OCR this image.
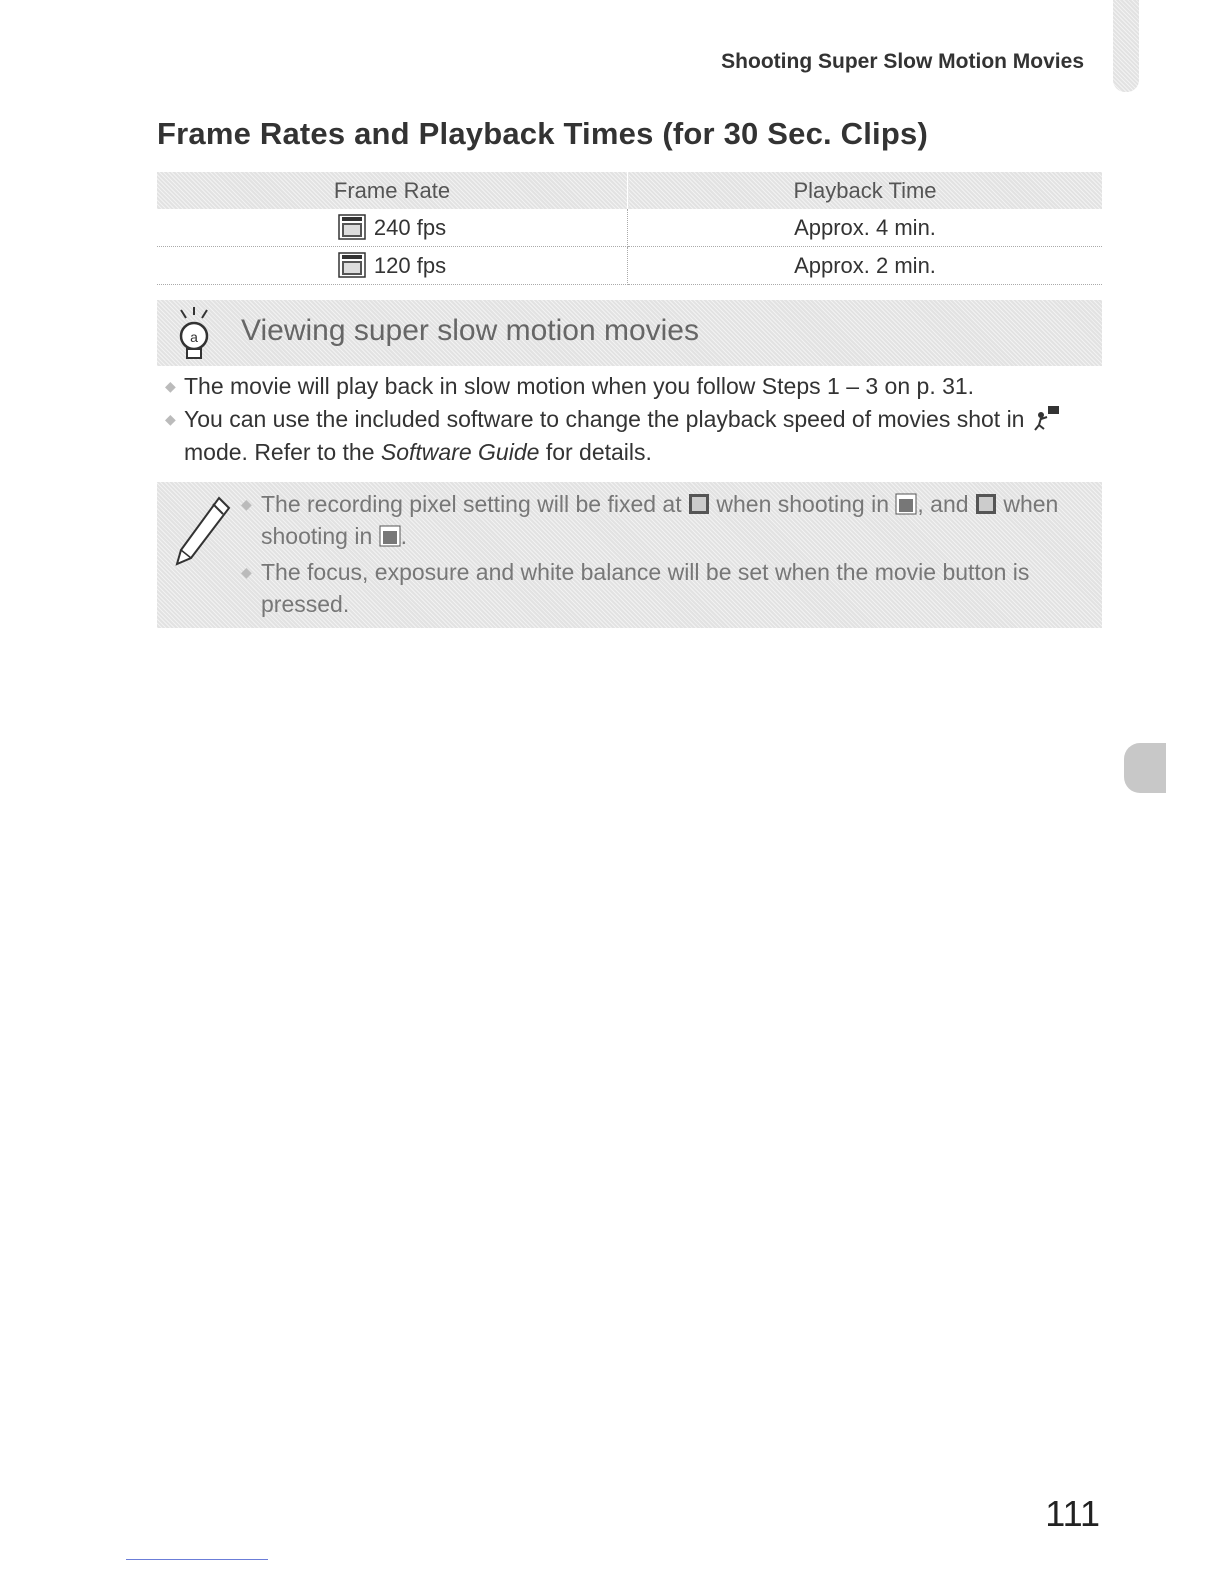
Shooting Super Slow Motion Movies
Frame Rates and Playback Times (for 30 Sec. Clips)
Frame Rate	Playback Time
240 fps	Approx. 4 min.
120 fps	Approx. 2 min.
a Viewing super slow motion movies
◆ The movie will play back in slow motion when you follow Steps 1 – 3 on p. 31.
◆ You can use the included software to change the playback speed of movies shot in  mode. Refer to the Software Guide for details.
◆ The recording pixel setting will be fixed at when shooting in , and when shooting in .
◆ The focus, exposure and white balance will be set when the movie button is pressed.
111
